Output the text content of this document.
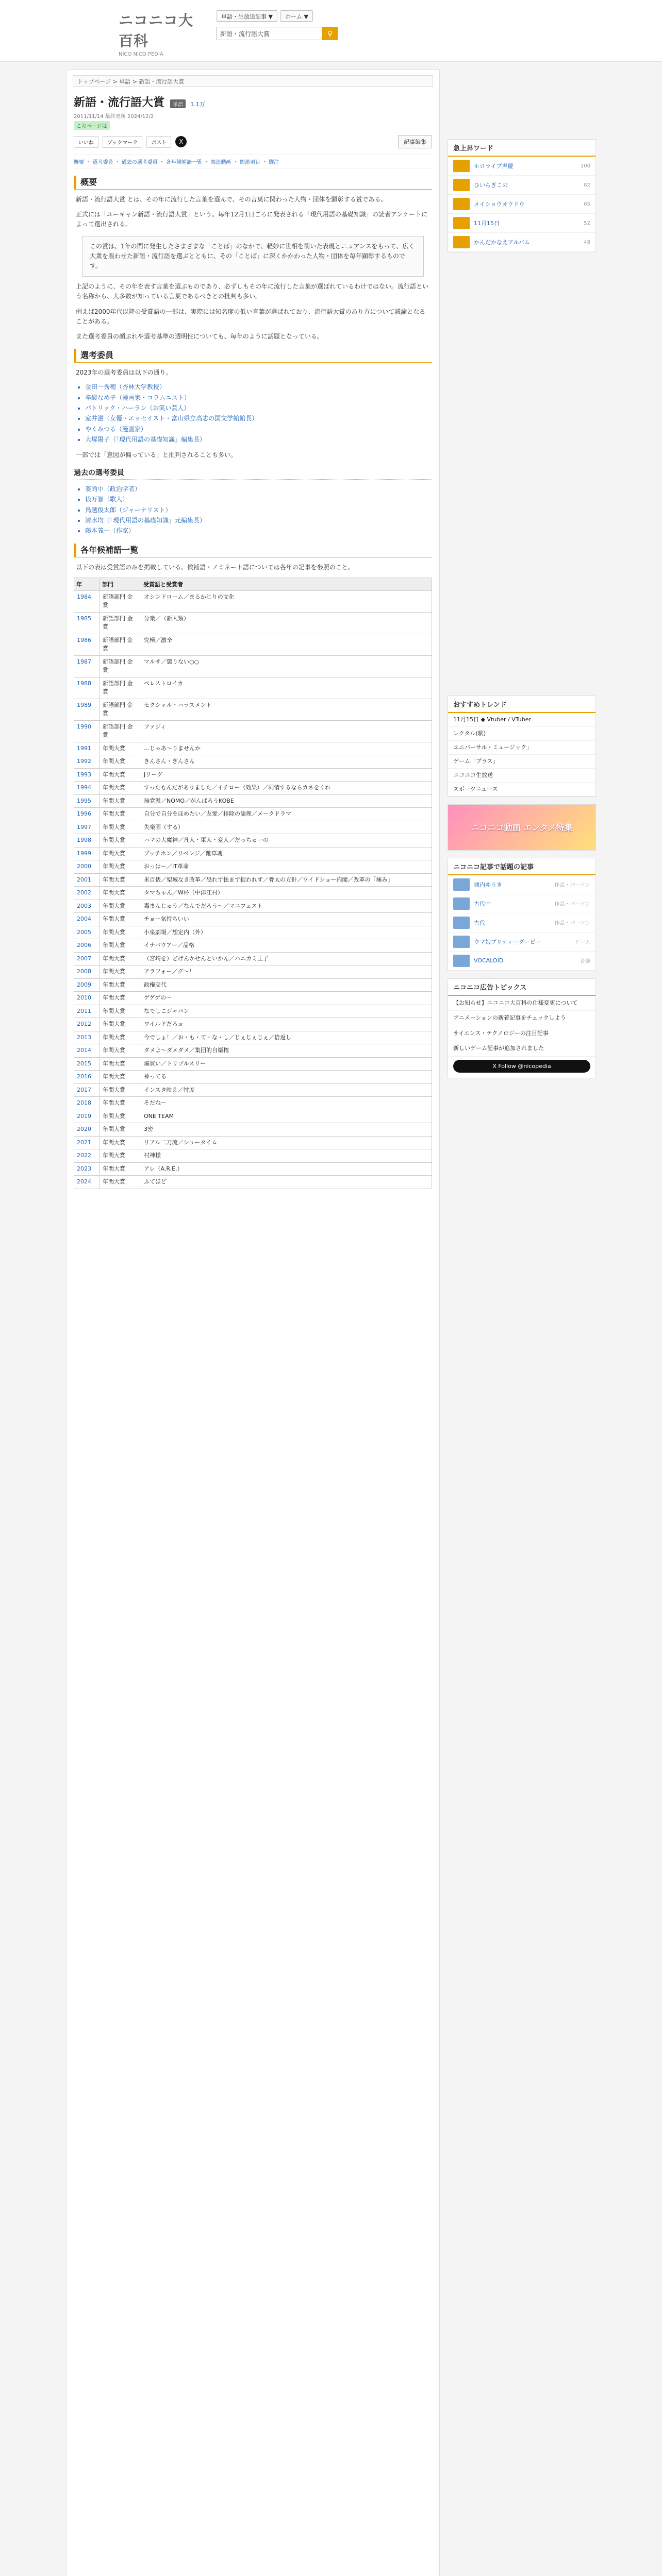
ニコニコ大百科
NICO NICO PEDIA
単語・生放送記事 ▼	ホーム ▼
新語・流行語大賞
⚲
トップページ > 単語 > 新語・流行語大賞
新語・流行語大賞 単語 1.1万
2011/11/14 最終更新 2024/12/2
このページは
いいね	ブックマーク	ポスト	X	記事編集
概要 ・ 選考委員 ・ 過去の選考委員 ・ 各年候補語一覧 ・ 関連動画 ・ 関連項目 ・ 脚注
概要

新語・流行語大賞 とは、その年に流行した言葉を選んで、その言葉に関わった人物・団体を顕彰する賞である。

正式には「ユーキャン新語・流行語大賞」という。毎年12月1日ごろに発表される「現代用語の基礎知識」の読者アンケートによって選出される。

この賞は、1年の間に発生したさまざまな「ことば」のなかで、軽妙に世相を衝いた表現とニュアンスをもって、広く大衆を賑わせた新語・流行語を選ぶとともに、その「ことば」に深くかかわった人物・団体を毎年顕彰するものです。

上記のように、その年を表す言葉を選ぶものであり、必ずしもその年に流行した言葉が選ばれているわけではない。流行語という名称から、大多数が知っている言葉であるべきとの批判も多い。

例えば2000年代以降の受賞語の一部は、実際には知名度の低い言葉が選ばれており、流行語大賞のあり方について議論となることがある。

また選考委員の顔ぶれや選考基準の透明性についても、毎年のように話題となっている。

選考委員

2023年の選考委員は以下の通り。

• 金田一秀穂（杏林大学教授）
• 辛酸なめ子（漫画家・コラムニスト）
• パトリック・ハーラン（お笑い芸人）
• 室井滋（女優・エッセイスト・富山県立高志の国文学館館長）
• やくみつる（漫画家）
• 大塚陽子（「現代用語の基礎知識」編集長）

一部では「意図が偏っている」と批判されることも多い。

過去の選考委員
• 姜尚中（政治学者）
• 俵万智（歌人）
• 鳥越俊太郎（ジャーナリスト）
• 清水均（「現代用語の基礎知識」元編集長）
• 藤本義一（作家）
各年候補語一覧

以下の表は受賞語のみを掲載している。候補語・ノミネート語については各年の記事を参照のこと。

年	部門	受賞語と受賞者
1984	新語部門 金賞	オシンドローム／まるかじりの文化
1985	新語部門 金賞	分衆／（新人類）
1986	新語部門 金賞	究極／激辛
1987	新語部門 金賞	マルサ／懲りない○○
1988	新語部門 金賞	ペレストロイカ
1989	新語部門 金賞	セクシャル・ハラスメント
1990	新語部門 金賞	ファジィ
1991	年間大賞	…じゃあ～りませんか
1992	年間大賞	きんさん・ぎんさん
1993	年間大賞	Jリーグ
1994	年間大賞	すったもんだがありました／イチロー（効果）／同情するならカネをくれ
1995	年間大賞	無党派／NOMO／がんばろうKOBE
1996	年間大賞	自分で自分をほめたい／友愛／排除の論理／メークドラマ
1997	年間大賞	失楽園（する）
1998	年間大賞	ハマの大魔神／凡人・軍人・変人／だっちゅーの
1999	年間大賞	ブッチホン／リベンジ／雑草魂
2000	年間大賞	おっはー／IT革命
2001	年間大賞	米百俵／聖域なき改革／恐れず怯まず捉われず／骨太の方針／ワイドショー内閣／改革の「痛み」
2002	年間大賞	タマちゃん／W杯（中津江村）
2003	年間大賞	毒まんじゅう／なんでだろう～／マニフェスト
2004	年間大賞	チョー気持ちいい
2005	年間大賞	小泉劇場／想定内（外）
2006	年間大賞	イナバウアー／品格
2007	年間大賞	（宮崎を）どげんかせんといかん／ハニカミ王子
2008	年間大賞	アラフォー／グ～！
2009	年間大賞	政権交代
2010	年間大賞	ゲゲゲの～
2011	年間大賞	なでしこジャパン
2012	年間大賞	ワイルドだろぉ
2013	年間大賞	今でしょ！／お・も・て・な・し／じぇじぇじぇ／倍返し
2014	年間大賞	ダメよ～ダメダメ／集団的自衛権
2015	年間大賞	爆買い／トリプルスリー
2016	年間大賞	神ってる
2017	年間大賞	インスタ映え／忖度
2018	年間大賞	そだねー
2019	年間大賞	ONE TEAM
2020	年間大賞	3密
2021	年間大賞	リアル二刀流／ショータイム
2022	年間大賞	村神様
2023	年間大賞	アレ（A.R.E.）
2024	年間大賞	ふてほど
急上昇ワード
ホロライブ声優	100
ひいらぎこの	82
メイショウオウドウ	65
11月15日	52
かんだかなえアルバム	48
おすすめトレンド
11月15日 ◆ Vtuber / VTuber
レクタル(駅)
ユニバーサル・ミュージック」
ゲーム「プラス」
ニコニコ生放送
スポーツニュース
ニコニコ動画 エンタメ特集
ニコニコ記事で話題の記事
城内ゆうき	作品・パーソン
古代中	作品・パーソン
古代	作品・パーソン
ウマ娘プリティーダービー	ゲーム
VOCALOID	音楽
ニコニコ広告トピックス
【お知らせ】ニコニコ大百科の仕様変更について
アニメーションの新着記事をチェックしよう
サイエンス・テクノロジーの注目記事
新しいゲーム記事が追加されました
X Follow @nicopedia
